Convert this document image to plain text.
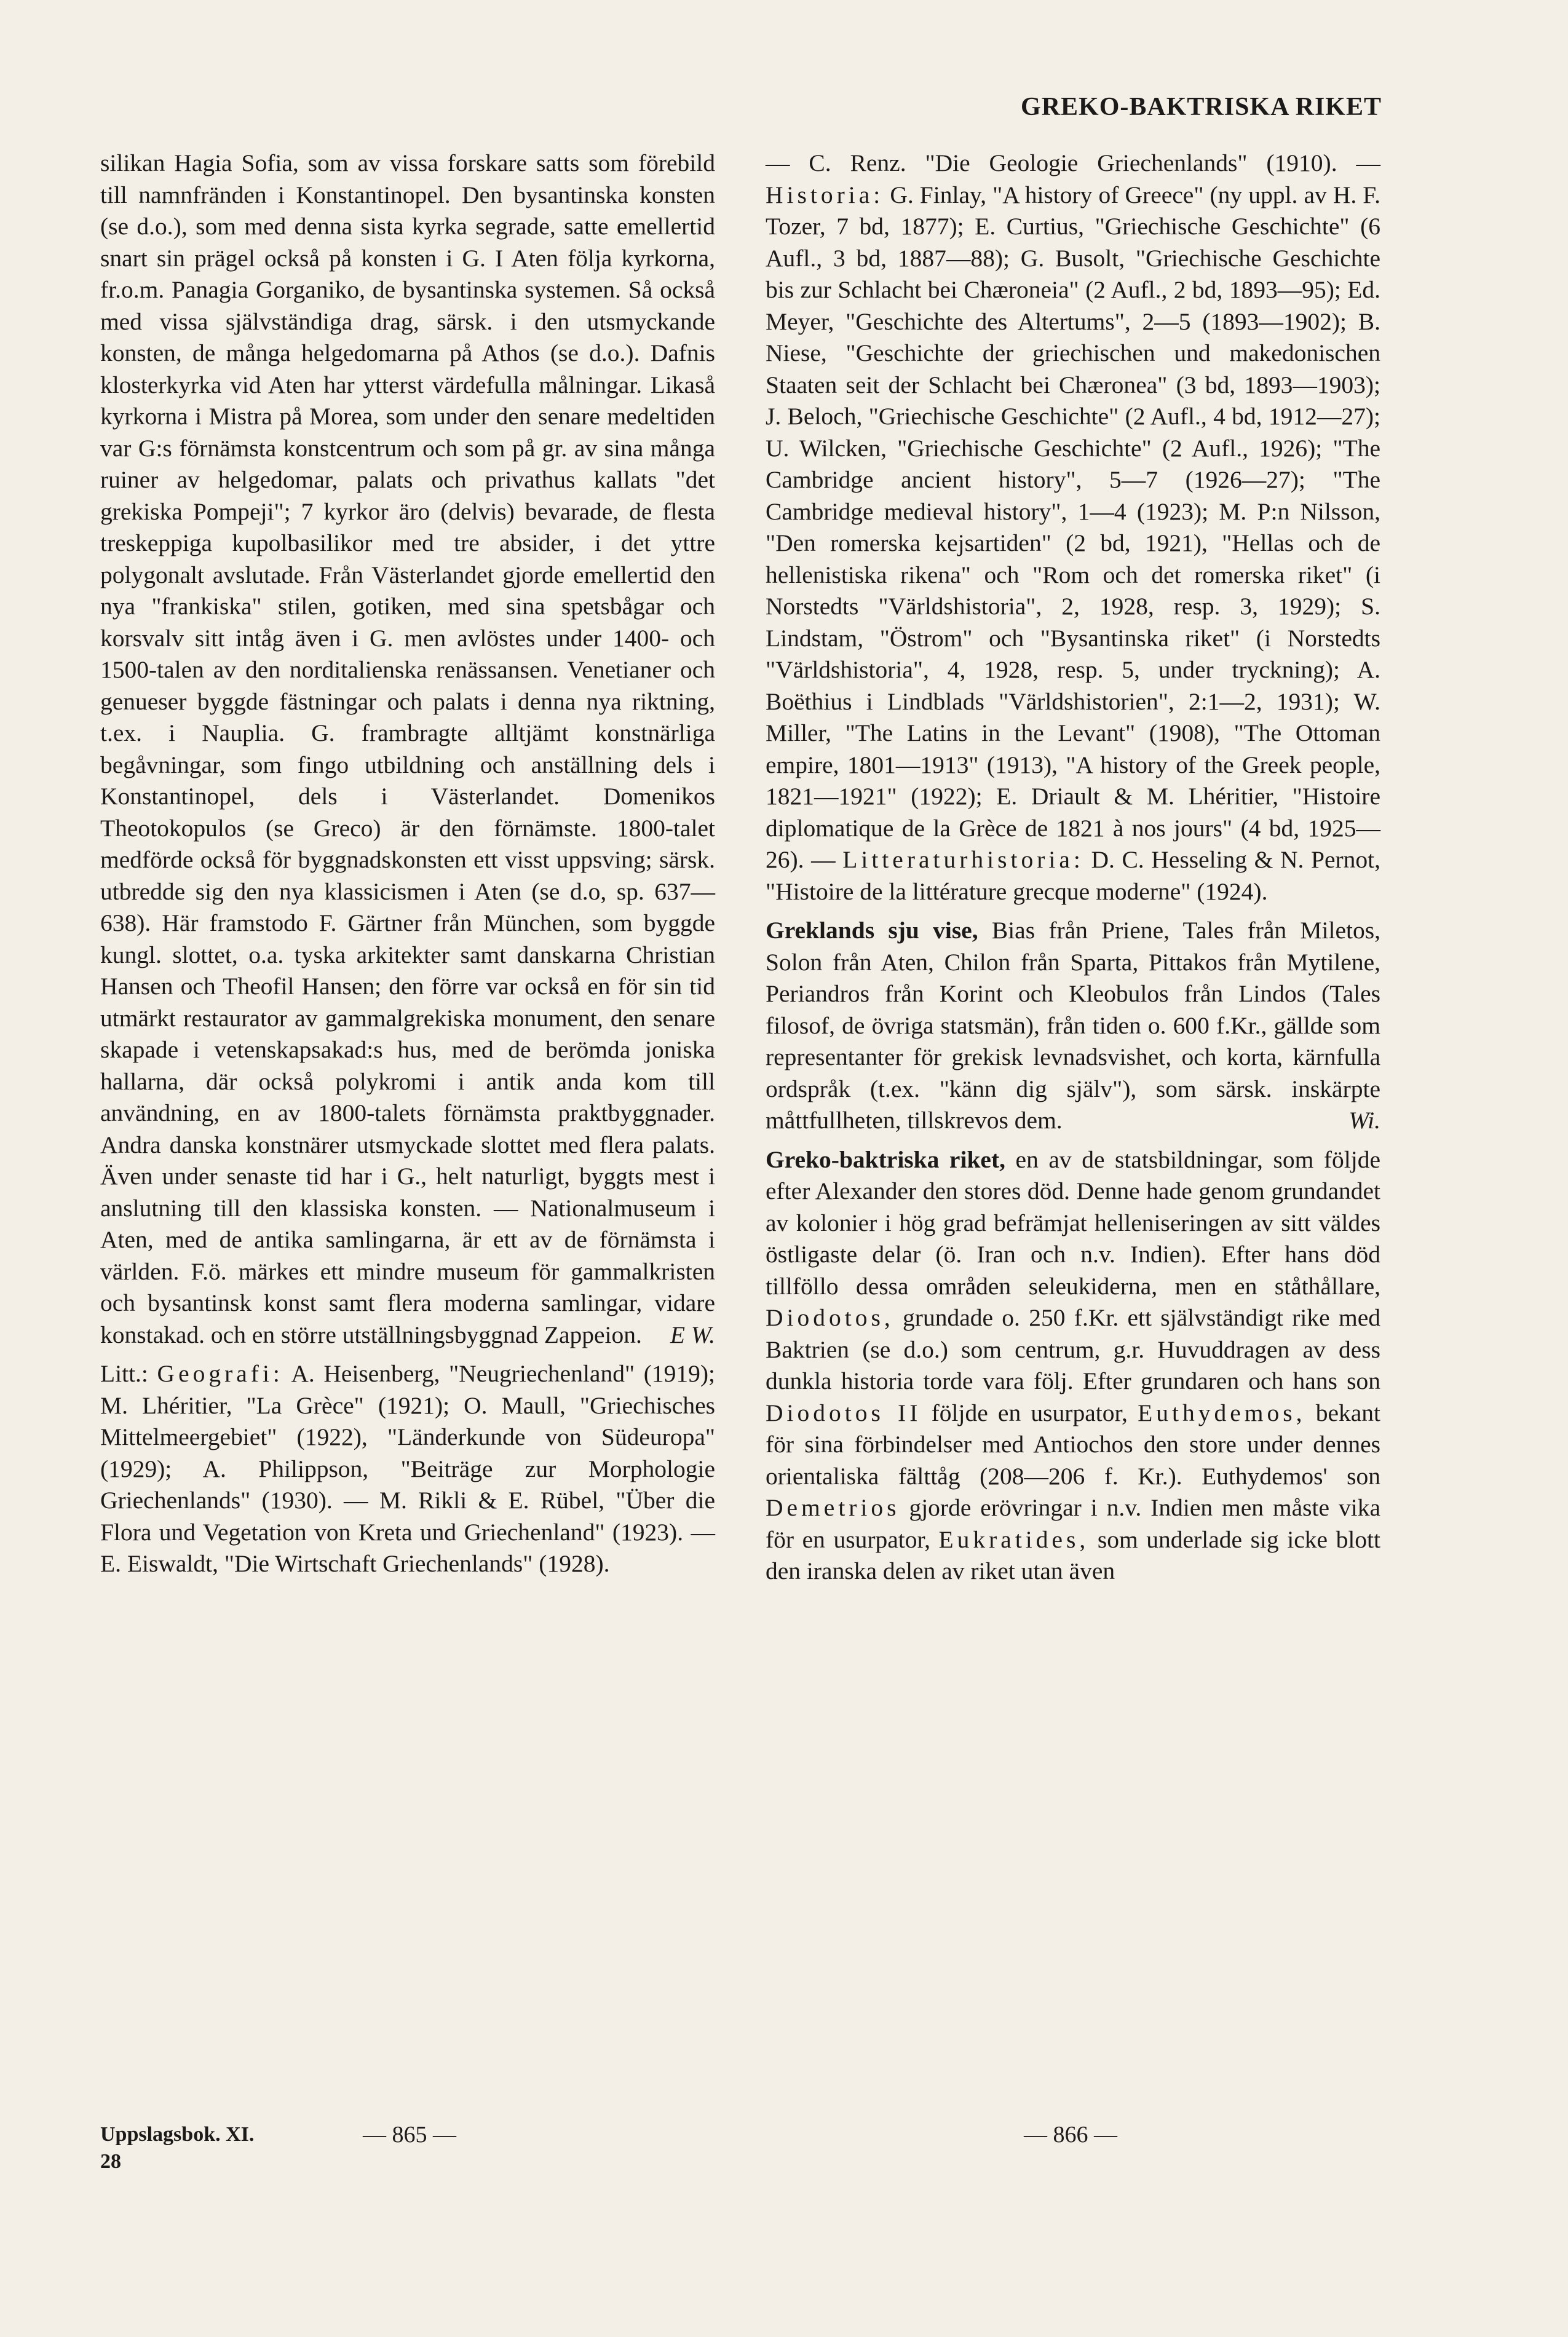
GREKO-BAKTRISKA RIKET

silikan Hagia Sofia, som av vissa forskare satts som förebild till namnfränden i Konstantinopel. Den bysantinska konsten (se d.o.), som med denna sista kyrka segrade, satte emellertid snart sin prägel också på konsten i G. I Aten följa kyrkorna, fr.o.m. Panagia Gorganiko, de bysantinska systemen. Så också med vissa självständiga drag, särsk. i den utsmyckande konsten, de många helgedomarna på Athos (se d.o.). Dafnis klosterkyrka vid Aten har ytterst värdefulla målningar. Likaså kyrkorna i Mistra på Morea, som under den senare medeltiden var G:s förnämsta konstcentrum och som på gr. av sina många ruiner av helgedomar, palats och privathus kallats "det grekiska Pompeji"; 7 kyrkor äro (delvis) bevarade, de flesta treskeppiga kupolbasilikor med tre absider, i det yttre polygonalt avslutade. Från Västerlandet gjorde emellertid den nya "frankiska" stilen, gotiken, med sina spetsbågar och korsvalv sitt intåg även i G. men avlöstes under 1400- och 1500-talen av den norditalienska renässansen. Venetianer och genueser byggde fästningar och palats i denna nya riktning, t.ex. i Nauplia. G. frambragte alltjämt konstnärliga begåvningar, som fingo utbildning och anställning dels i Konstantinopel, dels i Västerlandet. Domenikos Theotokopulos (se Greco) är den förnämste. 1800-talet medförde också för byggnadskonsten ett visst uppsving; särsk. utbredde sig den nya klassicismen i Aten (se d.o, sp. 637—638). Här framstodo F. Gärtner från München, som byggde kungl. slottet, o.a. tyska arkitekter samt danskarna Christian Hansen och Theofil Hansen; den förre var också en för sin tid utmärkt restaurator av gammalgrekiska monument, den senare skapade i vetenskapsakad:s hus, med de berömda joniska hallarna, där också polykromi i antik anda kom till användning, en av 1800-talets förnämsta praktbyggnader. Andra danska konstnärer utsmyckade slottet med flera palats. Även under senaste tid har i G., helt naturligt, byggts mest i anslutning till den klassiska konsten. — Nationalmuseum i Aten, med de antika samlingarna, är ett av de förnämsta i världen. F.ö. märkes ett mindre museum för gammalkristen och bysantinsk konst samt flera moderna samlingar, vidare konstakad. och en större utställningsbyggnad Zappeion. E W.

Litt.: Geografi: A. Heisenberg, "Neugriechenland" (1919); M. Lhéritier, "La Grèce" (1921); O. Maull, "Griechisches Mittelmeergebiet" (1922), "Länderkunde von Südeuropa" (1929); A. Philippson, "Beiträge zur Morphologie Griechenlands" (1930). — M. Rikli & E. Rübel, "Über die Flora und Vegetation von Kreta und Griechenland" (1923). — E. Eiswaldt, "Die Wirtschaft Griechenlands" (1928).

— C. Renz. "Die Geologie Griechenlands" (1910). — Historia: G. Finlay, "A history of Greece" (ny uppl. av H. F. Tozer, 7 bd, 1877); E. Curtius, "Griechische Geschichte" (6 Aufl., 3 bd, 1887—88); G. Busolt, "Griechische Geschichte bis zur Schlacht bei Chæroneia" (2 Aufl., 2 bd, 1893—95); Ed. Meyer, "Geschichte des Altertums", 2—5 (1893—1902); B. Niese, "Geschichte der griechischen und makedonischen Staaten seit der Schlacht bei Chæronea" (3 bd, 1893—1903); J. Beloch, "Griechische Geschichte" (2 Aufl., 4 bd, 1912—27); U. Wilcken, "Griechische Geschichte" (2 Aufl., 1926); "The Cambridge ancient history", 5—7 (1926—27); "The Cambridge medieval history", 1—4 (1923); M. P:n Nilsson, "Den romerska kejsartiden" (2 bd, 1921), "Hellas och de hellenistiska rikena" och "Rom och det romerska riket" (i Norstedts "Världshistoria", 2, 1928, resp. 3, 1929); S. Lindstam, "Östrom" och "Bysantinska riket" (i Norstedts "Världshistoria", 4, 1928, resp. 5, under tryckning); A. Boëthius i Lindblads "Världshistorien", 2:1—2, 1931); W. Miller, "The Latins in the Levant" (1908), "The Ottoman empire, 1801—1913" (1913), "A history of the Greek people, 1821—1921" (1922); E. Driault & M. Lhéritier, "Histoire diplomatique de la Grèce de 1821 à nos jours" (4 bd, 1925—26). — Litteraturhistoria: D. C. Hesseling & N. Pernot, "Histoire de la littérature grecque moderne" (1924).

Greklands sju vise, Bias från Priene, Tales från Miletos, Solon från Aten, Chilon från Sparta, Pittakos från Mytilene, Periandros från Korint och Kleobulos från Lindos (Tales filosof, de övriga statsmän), från tiden o. 600 f.Kr., gällde som representanter för grekisk levnadsvishet, och korta, kärnfulla ordspråk (t.ex. "känn dig själv"), som särsk. inskärpte måttfullheten, tillskrevos dem.	Wi.

Greko-baktriska riket, en av de statsbildningar, som följde efter Alexander den stores död. Denne hade genom grundandet av kolonier i hög grad befrämjat helleniseringen av sitt väldes östligaste delar (ö. Iran och n.v. Indien). Efter hans död tillföllo dessa områden seleukiderna, men en ståthållare, Diodotos, grundade o. 250 f.Kr. ett självständigt rike med Baktrien (se d.o.) som centrum, g.r. Huvuddragen av dess dunkla historia torde vara följ. Efter grundaren och hans son Diodotos II följde en usurpator, Euthydemos, bekant för sina förbindelser med Antiochos den store under dennes orientaliska fälttåg (208—206 f. Kr.). Euthydemos' son Demetrios gjorde erövringar i n.v. Indien men måste vika för en usurpator, Eukratides, som underlade sig icke blott den iranska delen av riket utan även

Uppslagsbok. XI.
28
— 865 —	— 866 —
